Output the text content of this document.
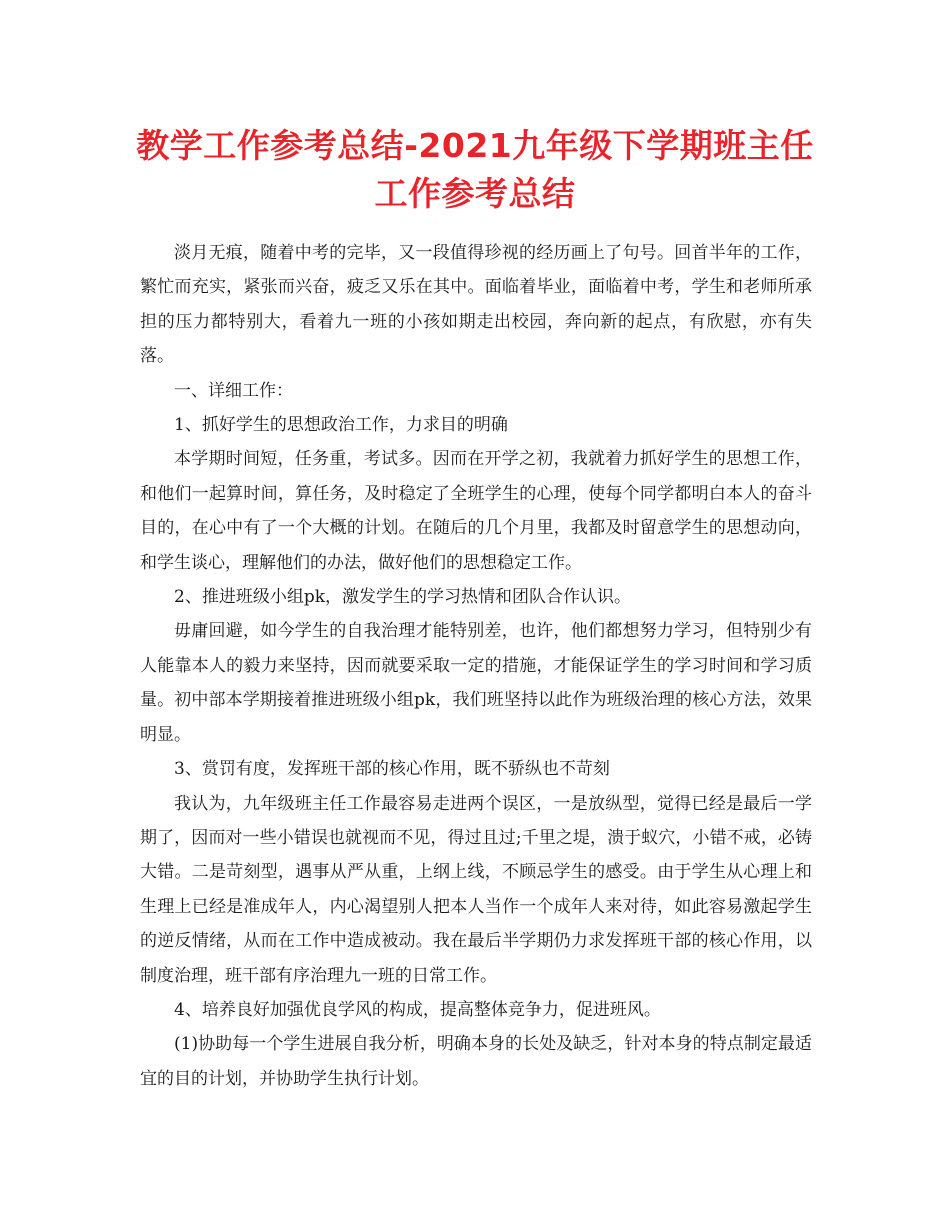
教学工作参考总结-2021九年级下学期班主任工作参考总结

淡月无痕，随着中考的完毕，又一段值得珍视的经历画上了句号。回首半年的工作，繁忙而充实，紧张而兴奋，疲乏又乐在其中。面临着毕业，面临着中考，学生和老师所承担的压力都特别大，看着九一班的小孩如期走出校园，奔向新的起点，有欣慰，亦有失落。

一、详细工作：

1、抓好学生的思想政治工作，力求目的明确

本学期时间短，任务重，考试多。因而在开学之初，我就着力抓好学生的思想工作，和他们一起算时间，算任务，及时稳定了全班学生的心理，使每个同学都明白本人的奋斗目的，在心中有了一个大概的计划。在随后的几个月里，我都及时留意学生的思想动向，和学生谈心，理解他们的办法，做好他们的思想稳定工作。

2、推进班级小组pk，激发学生的学习热情和团队合作认识。

毋庸回避，如今学生的自我治理才能特别差，也许，他们都想努力学习，但特别少有人能靠本人的毅力来坚持，因而就要采取一定的措施，才能保证学生的学习时间和学习质量。初中部本学期接着推进班级小组pk，我们班坚持以此作为班级治理的核心方法，效果明显。

3、赏罚有度，发挥班干部的核心作用，既不骄纵也不苛刻

我认为，九年级班主任工作最容易走进两个误区，一是放纵型，觉得已经是最后一学期了，因而对一些小错误也就视而不见，得过且过;千里之堤，溃于蚁穴，小错不戒，必铸大错。二是苛刻型，遇事从严从重，上纲上线，不顾忌学生的感受。由于学生从心理上和生理上已经是准成年人，内心渴望别人把本人当作一个成年人来对待，如此容易激起学生的逆反情绪，从而在工作中造成被动。我在最后半学期仍力求发挥班干部的核心作用，以制度治理，班干部有序治理九一班的日常工作。

4、培养良好加强优良学风的构成，提高整体竞争力，促进班风。

(1)协助每一个学生进展自我分析，明确本身的长处及缺乏，针对本身的特点制定最适宜的目的计划，并协助学生执行计划。
